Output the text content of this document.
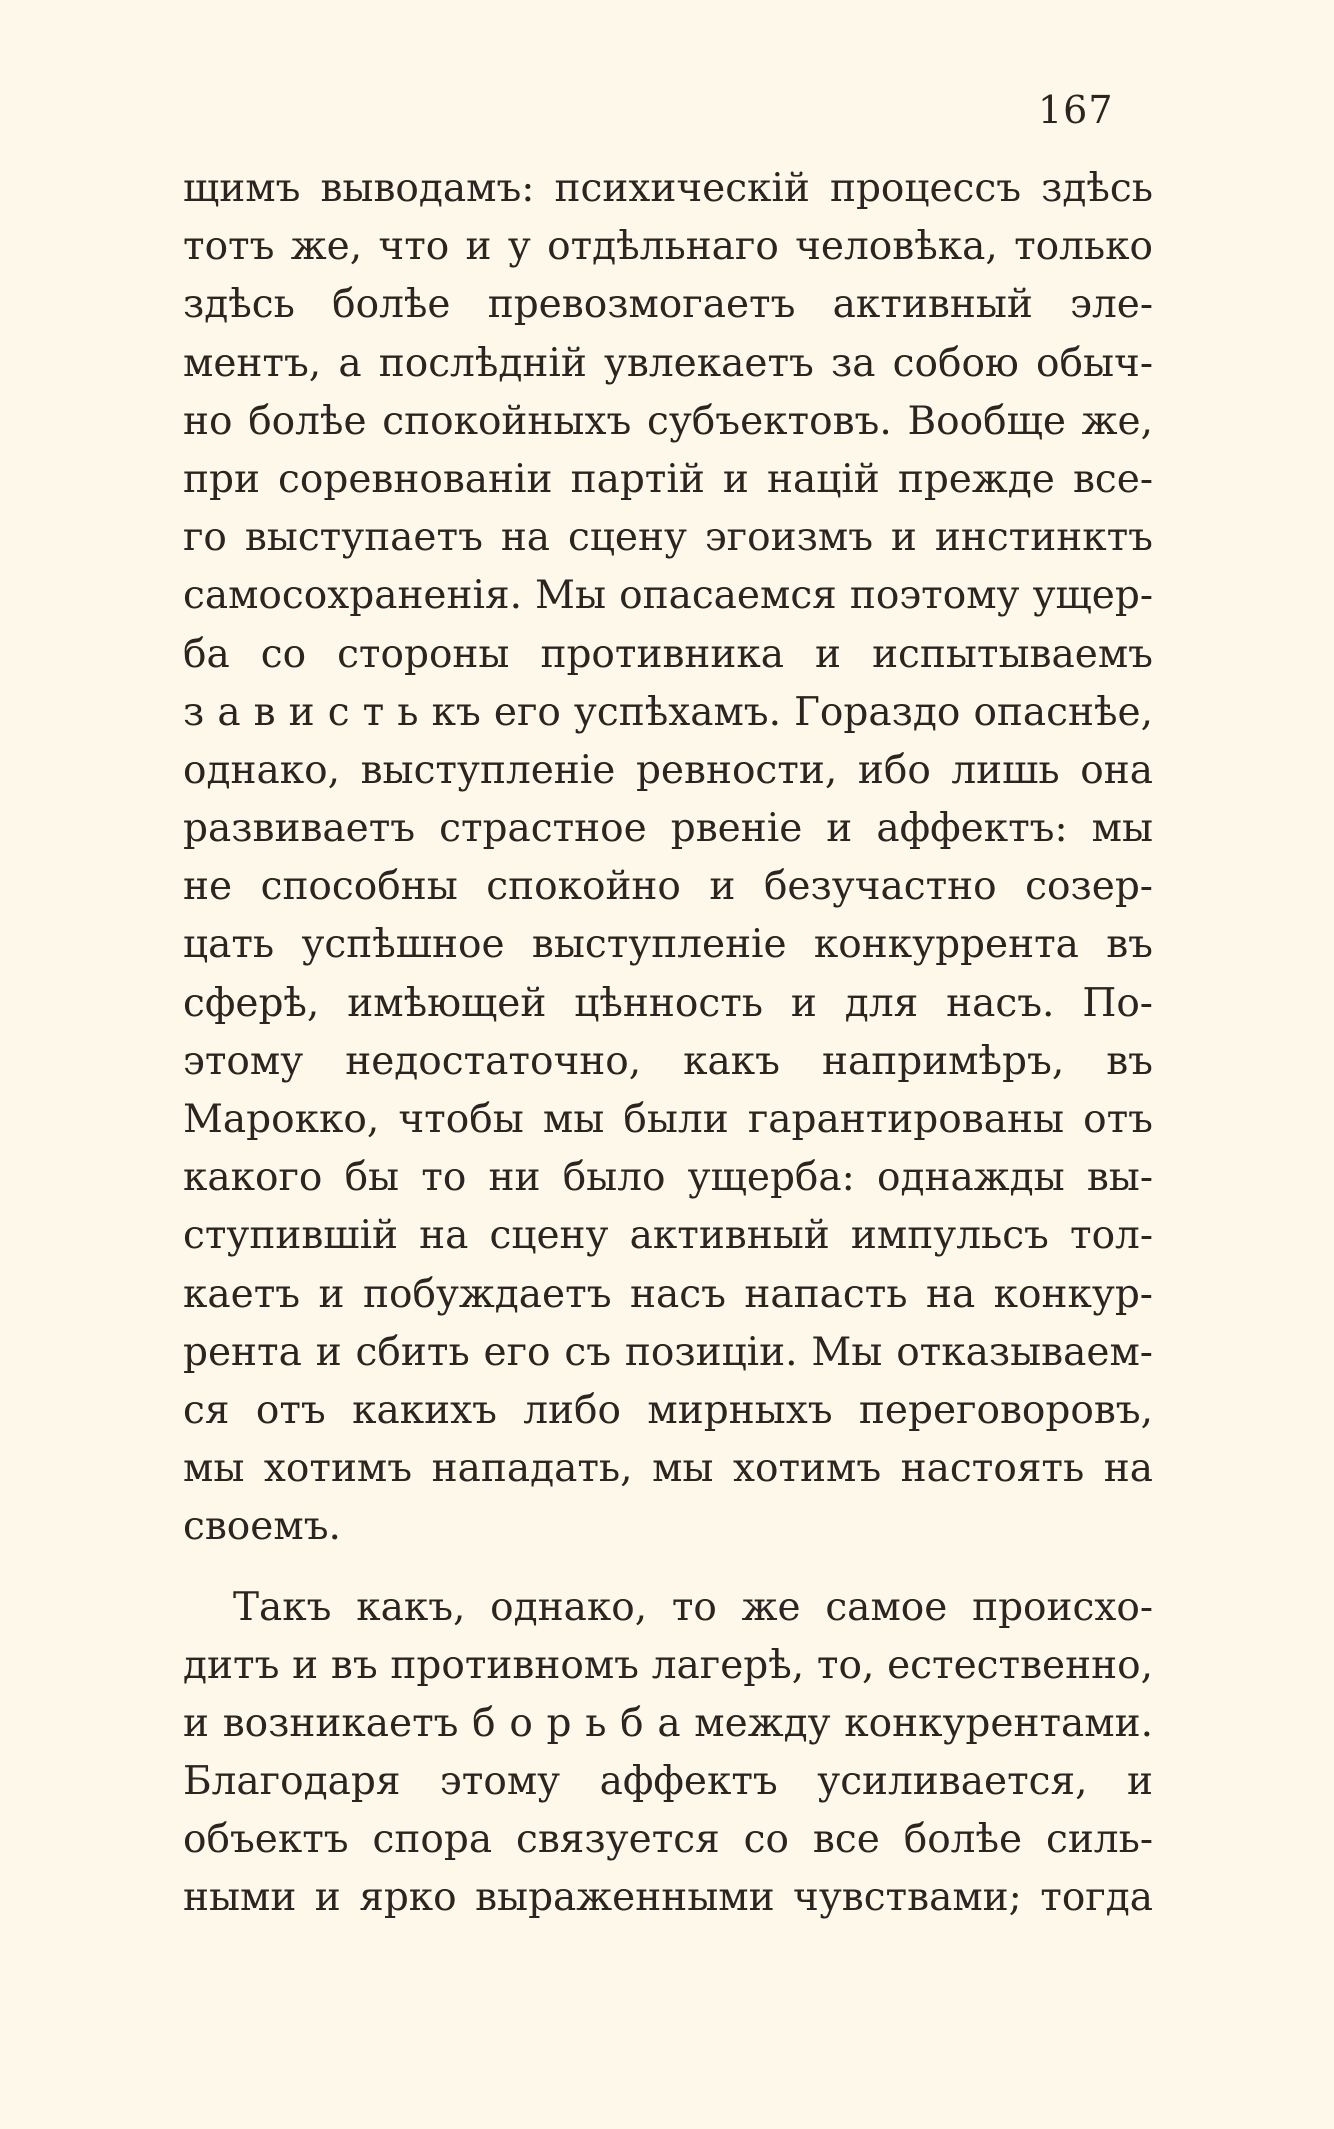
167
щимъ выводамъ: психическій процессъ здѣсь
тотъ же, что и у отдѣльнаго человѣка, только
здѣсь болѣе превозмогаетъ активный эле-
ментъ, а послѣдній увлекаетъ за собою обыч-
но болѣе спокойныхъ субъектовъ. Вообще же,
при соревнованіи партій и націй прежде все-
го выступаетъ на сцену эгоизмъ и инстинктъ
самосохраненія. Мы опасаемся поэтому ущер-
ба со стороны противника и испытываемъ
з а в и с т ь къ его успѣхамъ. Гораздо опаснѣе,
однако, выступленіе ревности, ибо лишь она
развиваетъ страстное рвеніе и аффектъ: мы
не способны спокойно и безучастно созер-
цать успѣшное выступленіе конкуррента въ
сферѣ, имѣющей цѣнность и для насъ. По-
этому недостаточно, какъ напримѣръ, въ
Марокко, чтобы мы были гарантированы отъ
какого бы то ни было ущерба: однажды вы-
ступившій на сцену активный импульсъ тол-
каетъ и побуждаетъ насъ напасть на конкур-
рента и сбить его съ позиціи. Мы отказываем-
ся отъ какихъ либо мирныхъ переговоровъ,
мы хотимъ нападать, мы хотимъ настоять на
своемъ.
Такъ какъ, однако, то же самое происхо-
дитъ и въ противномъ лагерѣ, то, естественно,
и возникаетъ б о р ь б а между конкурентами.
Благодаря этому аффектъ усиливается, и
объектъ спора связуется со все болѣе силь-
ными и ярко выраженными чувствами; тогда
